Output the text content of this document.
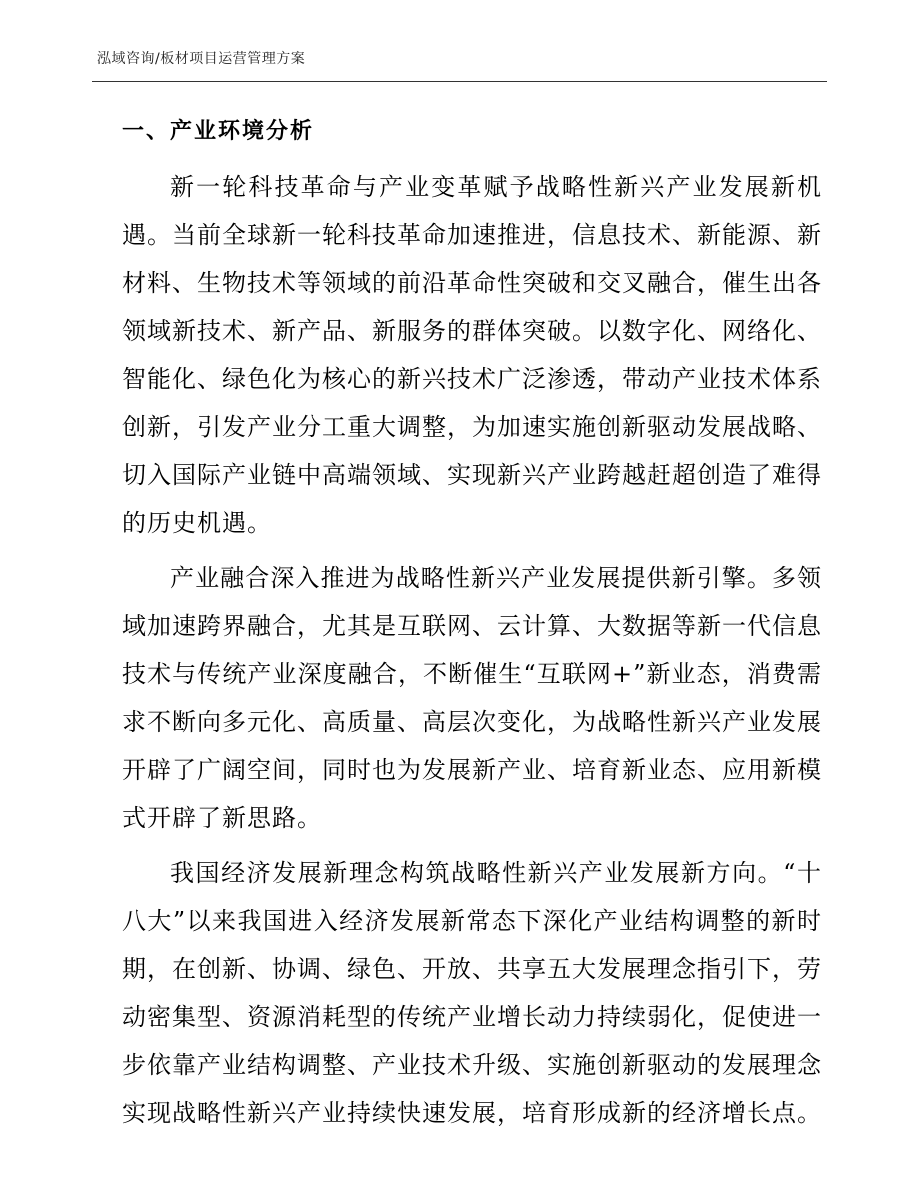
泓域咨询/板材项目运营管理方案
一、产业环境分析

新一轮科技革命与产业变革赋予战略性新兴产业发展新机遇。当前全球新一轮科技革命加速推进，信息技术、新能源、新材料、生物技术等领域的前沿革命性突破和交叉融合，催生出各领域新技术、新产品、新服务的群体突破。以数字化、网络化、智能化、绿色化为核心的新兴技术广泛渗透，带动产业技术体系创新，引发产业分工重大调整，为加速实施创新驱动发展战略、切入国际产业链中高端领域、实现新兴产业跨越赶超创造了难得的历史机遇。

产业融合深入推进为战略性新兴产业发展提供新引擎。多领域加速跨界融合，尤其是互联网、云计算、大数据等新一代信息技术与传统产业深度融合，不断催生“互联网+”新业态，消费需求不断向多元化、高质量、高层次变化，为战略性新兴产业发展开辟了广阔空间，同时也为发展新产业、培育新业态、应用新模式开辟了新思路。

我国经济发展新理念构筑战略性新兴产业发展新方向。“十八大”以来我国进入经济发展新常态下深化产业结构调整的新时期，在创新、协调、绿色、开放、共享五大发展理念指引下，劳动密集型、资源消耗型的传统产业增长动力持续弱化，促使进一步依靠产业结构调整、产业技术升级、实施创新驱动的发展理念实现战略性新兴产业持续快速发展，培育形成新的经济增长点。
